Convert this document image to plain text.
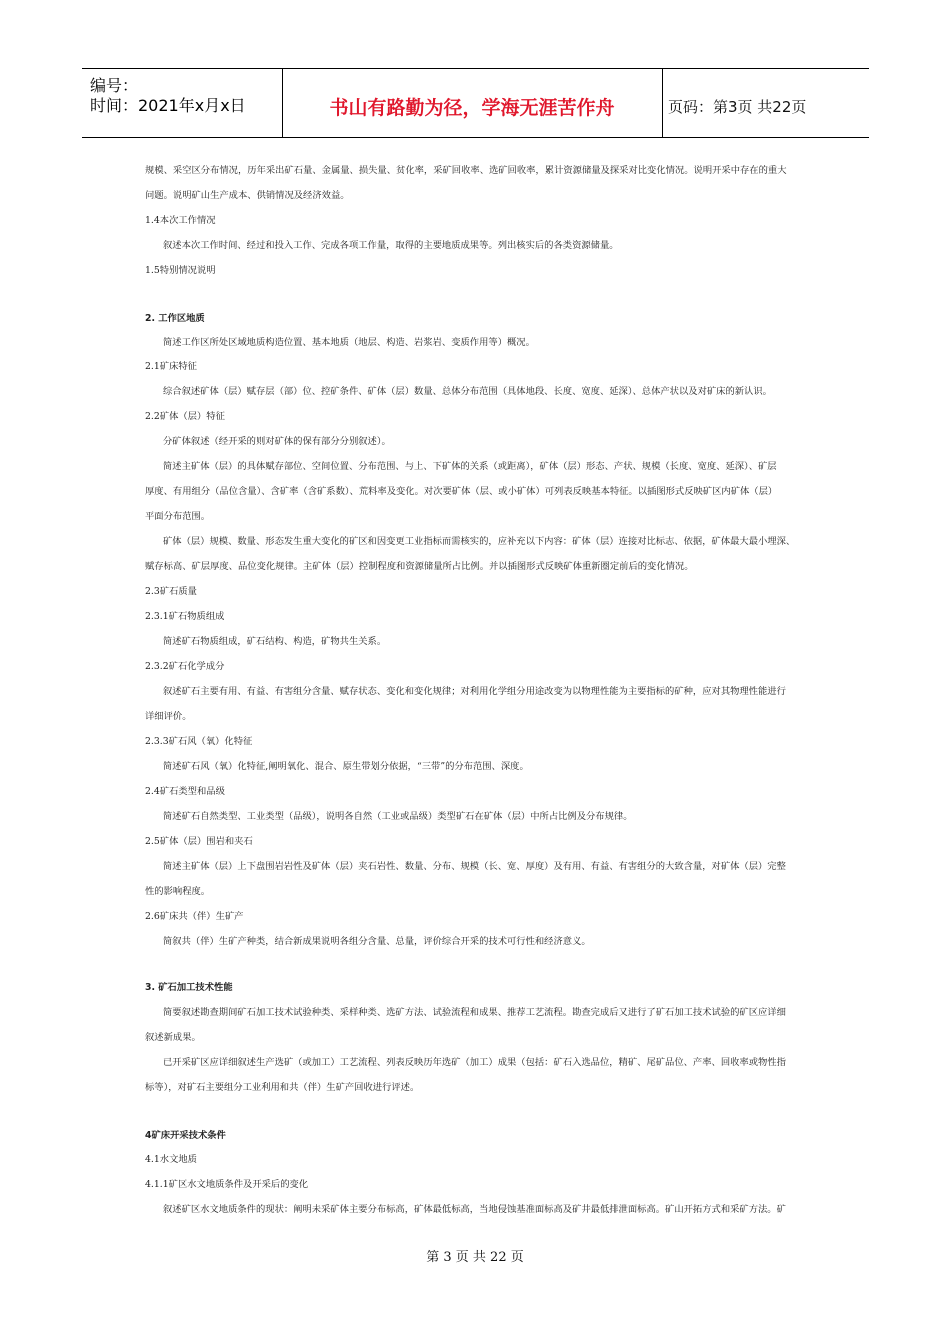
编号：
时间：2021年x月x日	书山有路勤为径，学海无涯苦作舟	页码：第3页 共22页
规模、采空区分布情况，历年采出矿石量、金属量、损失量、贫化率，采矿回收率、选矿回收率，累计资源储量及探采对比变化情况。说明开采中存在的重大
问题。说明矿山生产成本、供销情况及经济效益。
1.4本次工作情况
叙述本次工作时间、经过和投入工作、完成各项工作量，取得的主要地质成果等。列出核实后的各类资源储量。
1.5特别情况说明
2. 工作区地质
简述工作区所处区域地质构造位置、基本地质（地层、构造、岩浆岩、变质作用等）概况。
2.1矿床特征
综合叙述矿体（层）赋存层（部）位、控矿条件、矿体（层）数量、总体分布范围（具体地段、长度、宽度、延深）、总体产状以及对矿床的新认识。
2.2矿体（层）特征
分矿体叙述（经开采的则对矿体的保有部分分别叙述）。
简述主矿体（层）的具体赋存部位、空间位置、分布范围、与上、下矿体的关系（或距离），矿体（层）形态、产状、规模（长度、宽度、延深）、矿层
厚度、有用组分（品位含量）、含矿率（含矿系数）、荒料率及变化。对次要矿体（层、或小矿体）可列表反映基本特征。以插图形式反映矿区内矿体（层）
平面分布范围。
矿体（层）规模、数量、形态发生重大变化的矿区和因变更工业指标而需核实的，应补充以下内容：矿体（层）连接对比标志、依据，矿体最大最小埋深、
赋存标高、矿层厚度、品位变化规律。主矿体（层）控制程度和资源储量所占比例。并以插图形式反映矿体重新圈定前后的变化情况。
2.3矿石质量
2.3.1矿石物质组成
简述矿石物质组成，矿石结构、构造，矿物共生关系。
2.3.2矿石化学成分
叙述矿石主要有用、有益、有害组分含量、赋存状态、变化和变化规律；对利用化学组分用途改变为以物理性能为主要指标的矿种，应对其物理性能进行
详细评价。
2.3.3矿石风（氧）化特征
简述矿石风（氧）化特征,阐明氧化、混合、原生带划分依据，“三带”的分布范围、深度。
2.4矿石类型和品级
简述矿石自然类型、工业类型（品级），说明各自然（工业或品级）类型矿石在矿体（层）中所占比例及分布规律。
2.5矿体（层）围岩和夹石
简述主矿体（层）上下盘围岩岩性及矿体（层）夹石岩性、数量、分布、规模（长、宽、厚度）及有用、有益、有害组分的大致含量，对矿体（层）完整
性的影响程度。
2.6矿床共（伴）生矿产
简叙共（伴）生矿产种类，结合新成果说明各组分含量、总量，评价综合开采的技术可行性和经济意义。
3. 矿石加工技术性能
简要叙述勘查期间矿石加工技术试验种类、采样种类、选矿方法、试验流程和成果、推荐工艺流程。勘查完成后又进行了矿石加工技术试验的矿区应详细
叙述新成果。
已开采矿区应详细叙述生产选矿（或加工）工艺流程、列表反映历年选矿（加工）成果（包括：矿石入选品位，精矿、尾矿品位、产率、回收率或物性指
标等），对矿石主要组分工业利用和共（伴）生矿产回收进行评述。
4矿床开采技术条件
4.1水文地质
4.1.1矿区水文地质条件及开采后的变化
叙述矿区水文地质条件的现状：阐明未采矿体主要分布标高，矿体最低标高，当地侵蚀基准面标高及矿井最低排泄面标高。矿山开拓方式和采矿方法。矿
第 3 页 共 22 页
